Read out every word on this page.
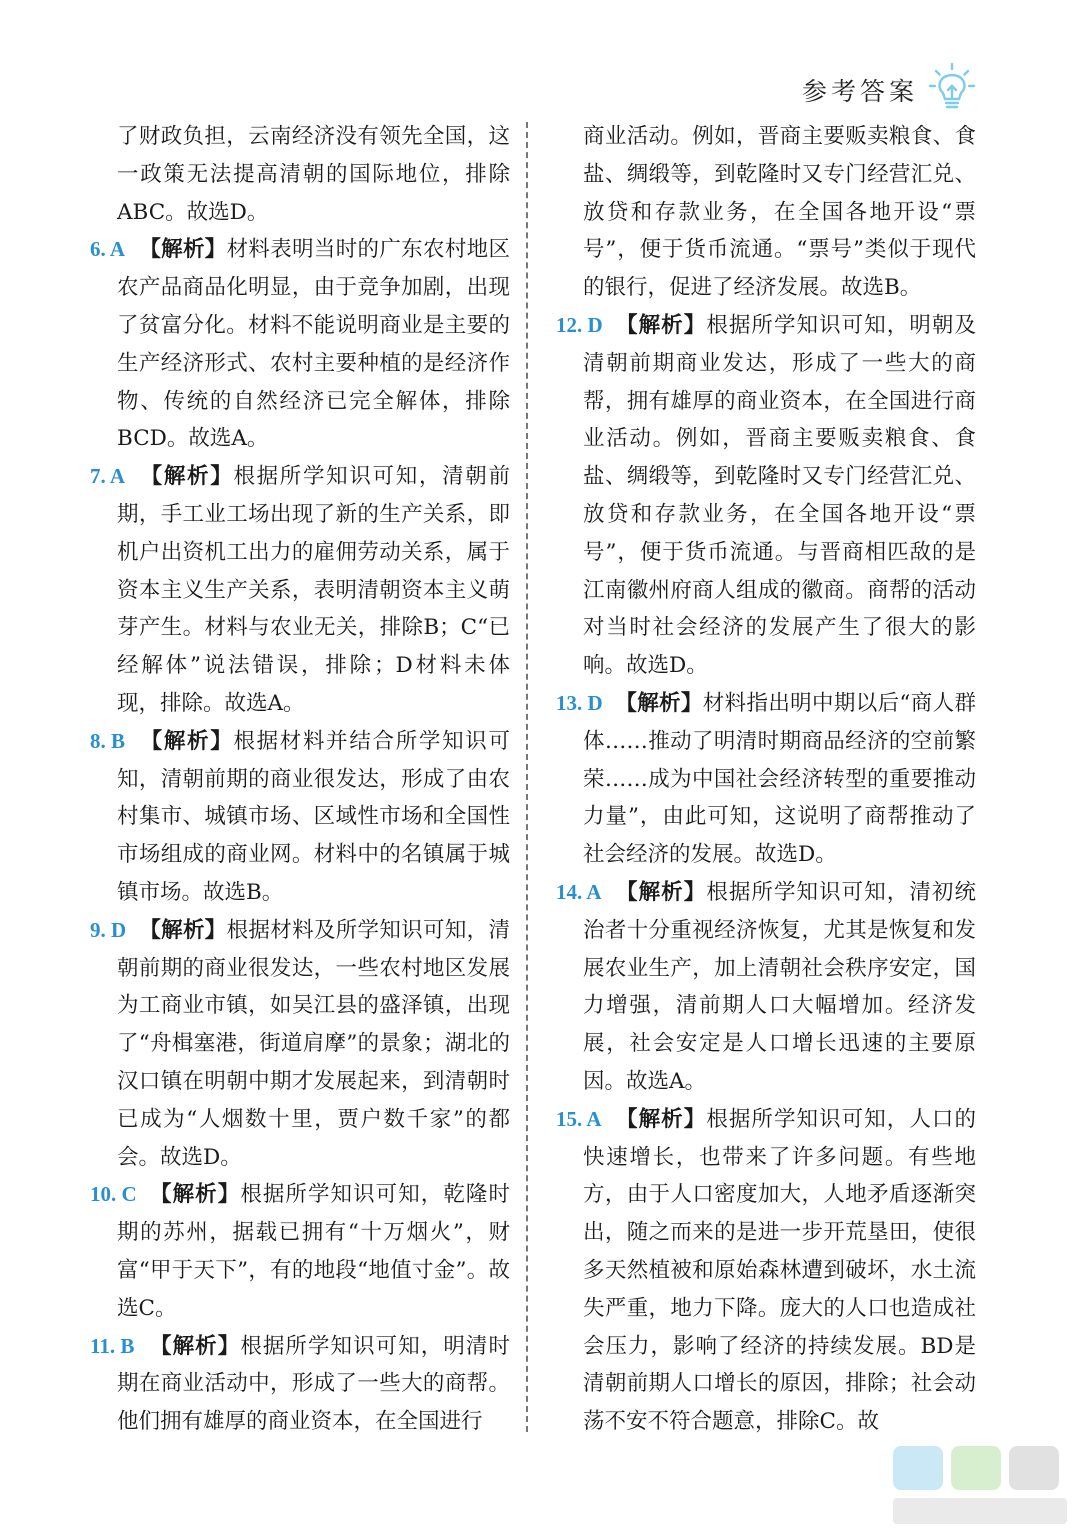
参考答案

了财政负担，云南经济没有领先全国，这一政策无法提高清朝的国际地位，排除ABC。故选D。

6. A 【解析】材料表明当时的广东农村地区农产品商品化明显，由于竞争加剧，出现了贫富分化。材料不能说明商业是主要的生产经济形式、农村主要种植的是经济作物、传统的自然经济已完全解体，排除BCD。故选A。

7. A 【解析】根据所学知识可知，清朝前期，手工业工场出现了新的生产关系，即机户出资机工出力的雇佣劳动关系，属于资本主义生产关系，表明清朝资本主义萌芽产生。材料与农业无关，排除B；C“已经解体”说法错误，排除；D材料未体现，排除。故选A。

8. B 【解析】根据材料并结合所学知识可知，清朝前期的商业很发达，形成了由农村集市、城镇市场、区域性市场和全国性市场组成的商业网。材料中的名镇属于城镇市场。故选B。

9. D 【解析】根据材料及所学知识可知，清朝前期的商业很发达，一些农村地区发展为工商业市镇，如吴江县的盛泽镇，出现了“舟楫塞港，街道肩摩”的景象；湖北的汉口镇在明朝中期才发展起来，到清朝时已成为“人烟数十里，贾户数千家”的都会。故选D。

10. C 【解析】根据所学知识可知，乾隆时期的苏州，据载已拥有“十万烟火”，财富“甲于天下”，有的地段“地值寸金”。故选C。

11. B 【解析】根据所学知识可知，明清时期在商业活动中，形成了一些大的商帮。他们拥有雄厚的商业资本，在全国进行

商业活动。例如，晋商主要贩卖粮食、食盐、绸缎等，到乾隆时又专门经营汇兑、放贷和存款业务，在全国各地开设“票号”，便于货币流通。“票号”类似于现代的银行，促进了经济发展。故选B。

12. D 【解析】根据所学知识可知，明朝及清朝前期商业发达，形成了一些大的商帮，拥有雄厚的商业资本，在全国进行商业活动。例如，晋商主要贩卖粮食、食盐、绸缎等，到乾隆时又专门经营汇兑、放贷和存款业务，在全国各地开设“票号”，便于货币流通。与晋商相匹敌的是江南徽州府商人组成的徽商。商帮的活动对当时社会经济的发展产生了很大的影响。故选D。

13. D 【解析】材料指出明中期以后“商人群体……推动了明清时期商品经济的空前繁荣……成为中国社会经济转型的重要推动力量”，由此可知，这说明了商帮推动了社会经济的发展。故选D。

14. A 【解析】根据所学知识可知，清初统治者十分重视经济恢复，尤其是恢复和发展农业生产，加上清朝社会秩序安定，国力增强，清前期人口大幅增加。经济发展，社会安定是人口增长迅速的主要原因。故选A。

15. A 【解析】根据所学知识可知，人口的快速增长，也带来了许多问题。有些地方，由于人口密度加大，人地矛盾逐渐突出，随之而来的是进一步开荒垦田，使很多天然植被和原始森林遭到破坏，水土流失严重，地力下降。庞大的人口也造成社会压力，影响了经济的持续发展。BD是清朝前期人口增长的原因，排除；社会动荡不安不符合题意，排除C。故
